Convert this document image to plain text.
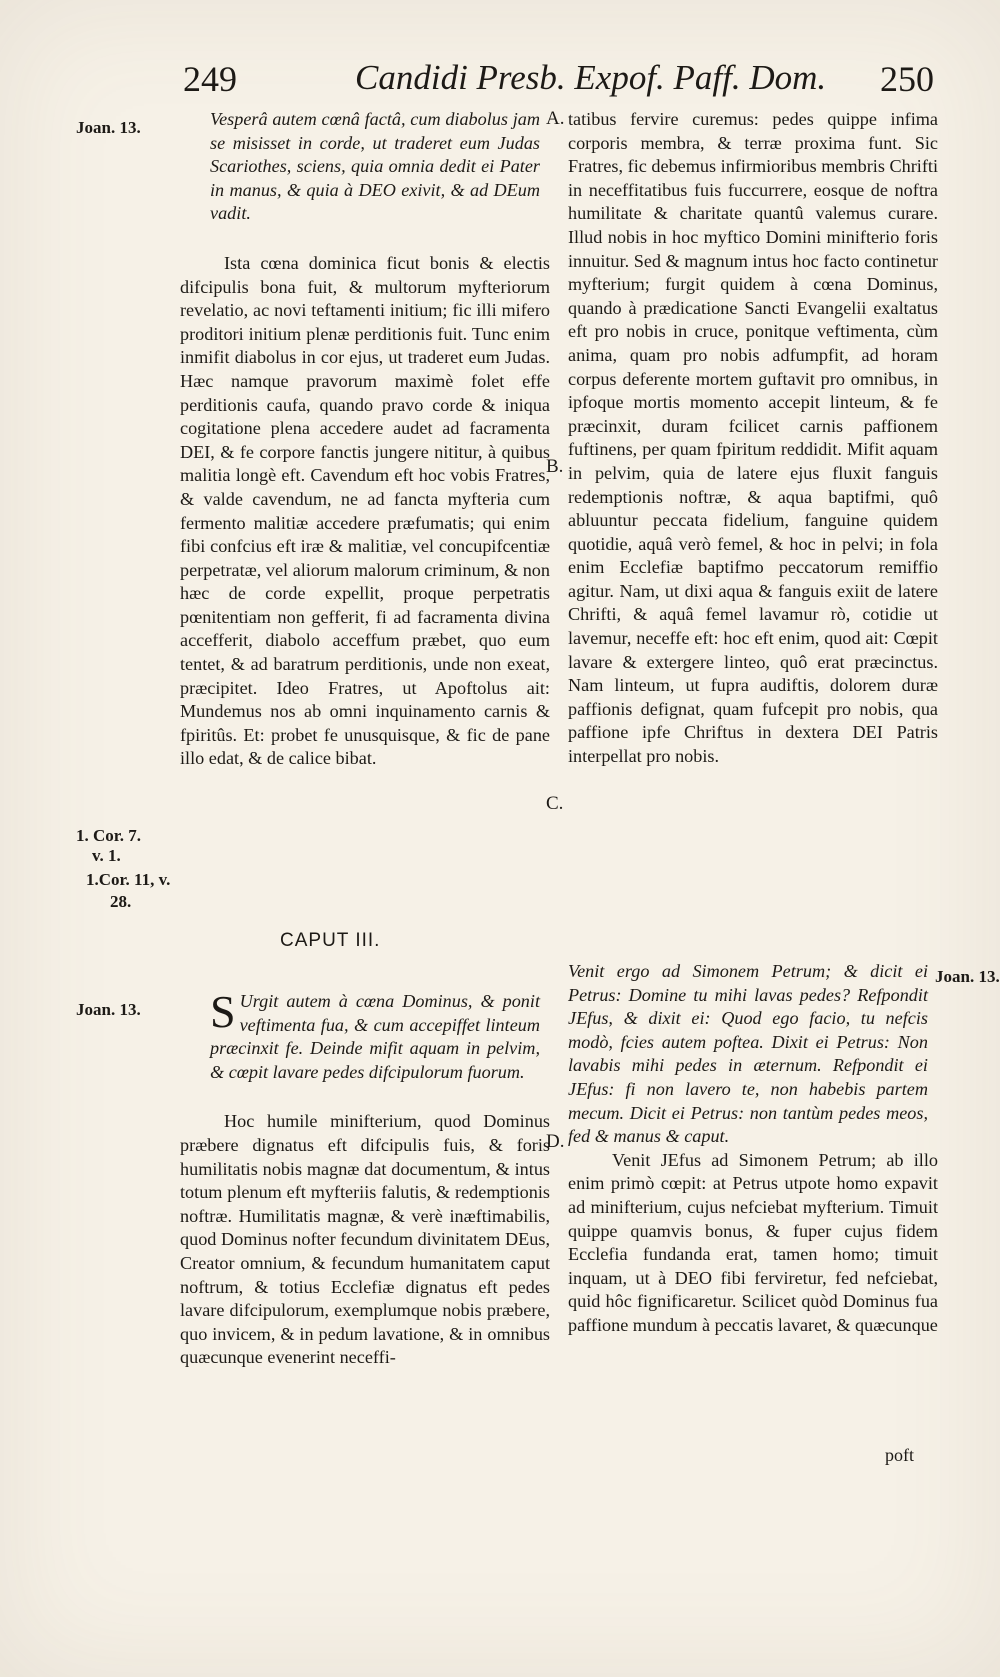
249	Candidi Presb. Expof. Paff. Dom. 250
Joan. 13.
1. Cor. 7.
v. 1.
1.Cor. 11, v.
28.
Joan. 13.
Joan. 13.
A.
B.
C.
D.

Vesperâ autem cœnâ factâ, cum diabolus jam se misisset in corde, ut traderet eum Judas Scariothes, sciens, quia omnia dedit ei Pater in manus, & quia à DEO exivit, & ad DEum vadit.

Ista cœna dominica ficut bonis & electis difcipulis bona fuit, & multorum myfteriorum revelatio, ac novi teftamenti initium; fic illi mifero proditori initium plenæ perditionis fuit. Tunc enim inmifit diabolus in cor ejus, ut traderet eum Judas. Hæc namque pravorum maximè folet effe perditionis caufa, quando pravo corde & iniqua cogitatione plena accedere audet ad facramenta DEI, & fe corpore fanctis jungere nititur, à quibus malitia longè eft. Cavendum eft hoc vobis Fratres, & valde cavendum, ne ad fancta myfteria cum fermento malitiæ accedere præfumatis; qui enim fibi confcius eft iræ & malitiæ, vel concupifcentiæ perpetratæ, vel aliorum malorum criminum, & non hæc de corde expellit, proque perpetratis pœnitentiam non gefferit, fi ad facramenta divina accefferit, diabolo acceffum præbet, quo eum tentet, & ad baratrum perditionis, unde non exeat, præcipitet. Ideo Fratres, ut Apoftolus ait: Mundemus nos ab omni inquinamento carnis & fpiritûs. Et: probet fe unusquisque, & fic de pane illo edat, & de calice bibat.

CAPUT III.

S Urgit autem à cœna Dominus, & ponit veftimenta fua, & cum accepiffet linteum præcinxit fe. Deinde mifit aquam in pelvim, & cœpit lavare pedes difcipulorum fuorum.

Hoc humile minifterium, quod Dominus præbere dignatus eft difcipulis fuis, & foris humilitatis nobis magnæ dat documentum, & intus totum plenum eft myfteriis falutis, & redemptionis noftræ. Humilitatis magnæ, & verè inæftimabilis, quod Dominus nofter fecundum divinitatem DEus, Creator omnium, & fecundum humanitatem caput noftrum, & totius Ecclefiæ dignatus eft pedes lavare difcipulorum, exemplumque nobis præbere, quo invicem, & in pedum lavatione, & in omnibus quæcunque evenerint neceffi-

tatibus fervire curemus: pedes quippe infima corporis membra, & terræ proxima funt. Sic Fratres, fic debemus infirmioribus membris Chrifti in neceffitatibus fuis fuccurrere, eosque de noftra humilitate & charitate quantû valemus curare. Illud nobis in hoc myftico Domini minifterio foris innuitur. Sed & magnum intus hoc facto continetur myfterium; furgit quidem à cœna Dominus, quando à prædicatione Sancti Evangelii exaltatus eft pro nobis in cruce, ponitque veftimenta, cùm anima, quam pro nobis adfumpfit, ad horam corpus deferente mortem guftavit pro omnibus, in ipfoque mortis momento accepit linteum, & fe præcinxit, duram fcilicet carnis paffionem fuftinens, per quam fpiritum reddidit. Mifit aquam in pelvim, quia de latere ejus fluxit fanguis redemptionis noftræ, & aqua baptifmi, quô abluuntur peccata fidelium, fanguine quidem quotidie, aquâ verò femel, & hoc in pelvi; in fola enim Ecclefiæ baptifmo peccatorum remiffio agitur. Nam, ut dixi aqua & fanguis exiit de latere Chrifti, & aquâ femel lavamur rò, cotidie ut lavemur, neceffe eft: hoc eft enim, quod ait: Cœpit lavare & extergere linteo, quô erat præcinctus. Nam linteum, ut fupra audiftis, dolorem duræ paffionis defignat, quam fufcepit pro nobis, qua paffione ipfe Chriftus in dextera DEI Patris interpellat pro nobis.

Venit ergo ad Simonem Petrum; & dicit ei Petrus: Domine tu mihi lavas pedes? Refpondit JEfus, & dixit ei: Quod ego facio, tu nefcis modò, fcies autem poftea. Dixit ei Petrus: Non lavabis mihi pedes in æternum. Refpondit ei JEfus: fi non lavero te, non habebis partem mecum. Dicit ei Petrus: non tantùm pedes meos, fed & manus & caput.

Venit JEfus ad Simonem Petrum; ab illo enim primò cœpit: at Petrus utpote homo expavit ad minifterium, cujus nefciebat myfterium. Timuit quippe quamvis bonus, & fuper cujus fidem Ecclefia fundanda erat, tamen homo; timuit inquam, ut à DEO fibi ferviretur, fed nefciebat, quid hôc fignificaretur. Scilicet quòd Dominus fua paffione mundum à peccatis lavaret, & quæcunque

poft
